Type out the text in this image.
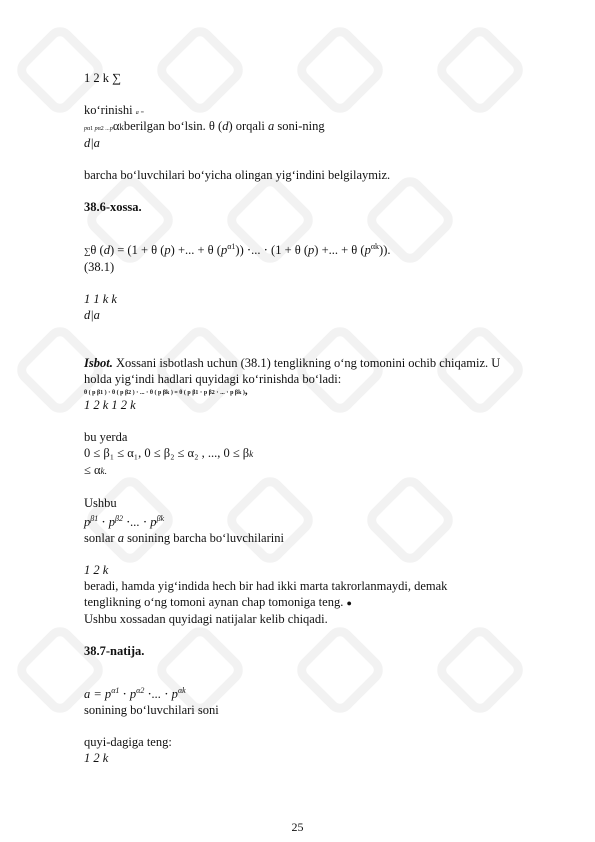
1 2 k ∑
ko‘rinishi a =
pα1 pα2 ...pαkberilgan bo‘lsin. θ (d) orqali a soni-ning
d|a
barcha bo‘luvchilari bo‘yicha olingan yig‘indini belgilaymiz.
38.6-xossa.
∑θ (d) = (1 + θ (p) +... + θ $(p^{\alpha 1})$) ⋅... ⋅ (1 + θ (p) +... + θ $(p^{\alpha k})$).
(38.1)
1 1 k k
d|a
Isbot. Xossani isbotlash uchun (38.1) tenglikning o‘ng tomonini ochib chiqamiz. U
holda yig‘indi hadlari quyidagi ko‘rinishda bo‘ladi:
θ ( p β1 ) ⋅ θ ( p β2 ) ⋅ ... ⋅ θ ( p βk ) = θ ( p β1 ⋅ p β2 ⋅ ... ⋅ p βk ),
1 2 k 1 2 k
bu yerda
0 ≤ β₁ ≤ α₁, 0 ≤ β₂ ≤ α₂ , ..., 0 ≤ βk
≤ αk.
Ushbu
$p^{\beta 1} \cdot p^{\beta 2}$ ⋅... ⋅ $p^{\beta k}$
sonlar a sonining barcha bo‘luvchilarini
1 2 k
beradi, hamda yig‘indida hech bir had ikki marta takrorlanmaydi, demak
tenglikning o‘ng tomoni aynan chap tomoniga teng. ●
Ushbu xossadan quyidagi natijalar kelib chiqadi.
38.7-natija.
$a = p^{\alpha 1} \cdot p^{\alpha 2}$ ⋅... ⋅ $p^{\alpha k}$
sonining bo‘luvchilari soni
quyi-dagiga teng:
1 2 k
25
